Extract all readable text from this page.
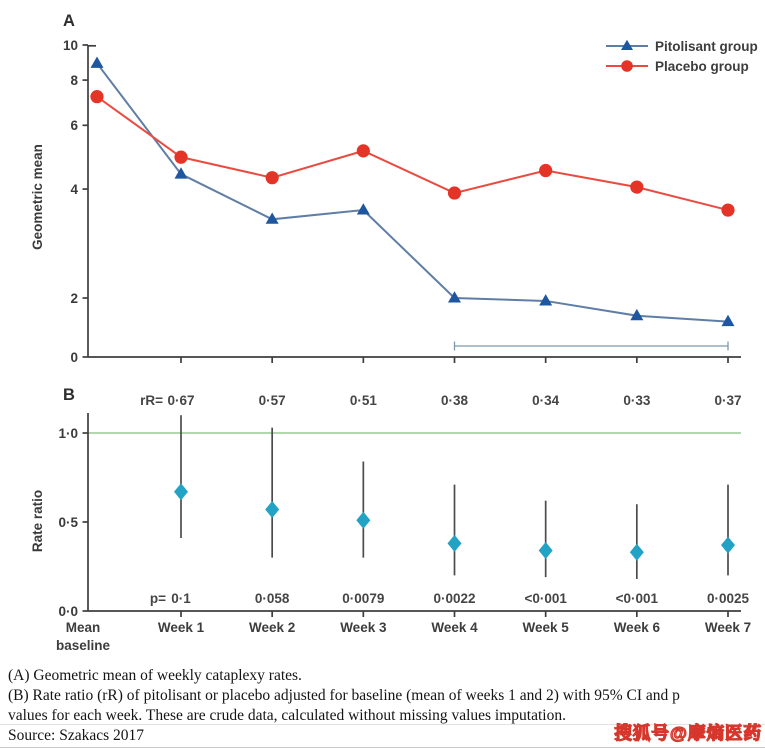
A
10
8
6
4
2
0
Geometric mean
Pitolisant group
Placebo group
B
1·0
0·5
0·0
Rate ratio
rR=
p=
0·67
0·1
Week 1
0·57
0·058
Week 2
0·51
0·0079
Week 3
0·38
0·0022
Week 4
0·34
<0·001
Week 5
0·33
<0·001
Week 6
0·37
0·0025
Week 7
Mean
baseline
(A) Geometric mean of weekly cataplexy rates.
(B) Rate ratio (rR) of pitolisant or placebo adjusted for baseline (mean of weeks 1 and 2) with 95% CI and p
values for each week. These are crude data, calculated without missing values imputation.
Source: Szakacs 2017	搜狐号@摩熵医药
